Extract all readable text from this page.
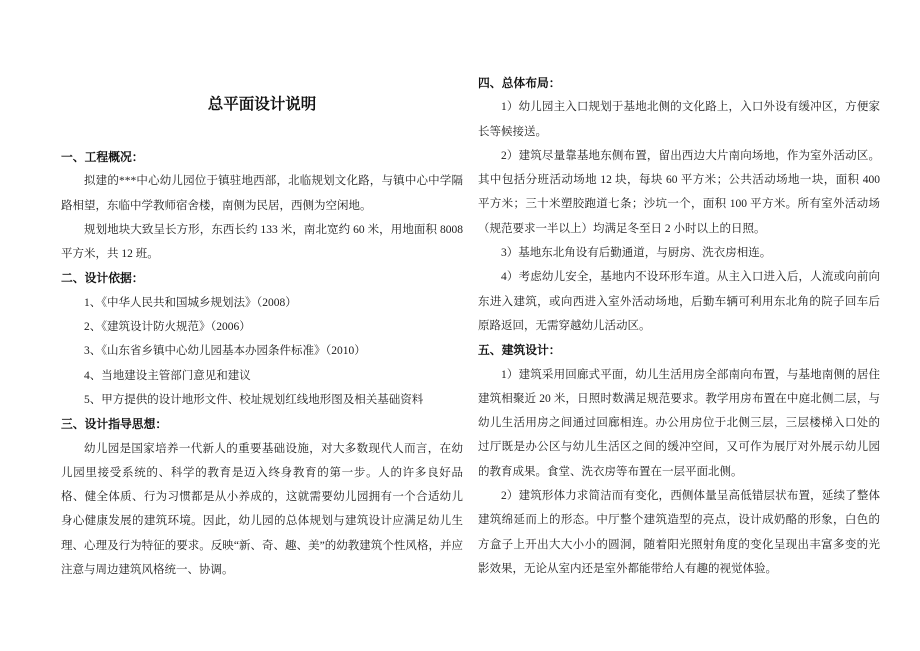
总平面设计说明
一、工程概况：

拟建的***中心幼儿园位于镇驻地西部，北临规划文化路，与镇中心中学隔路相望，东临中学教师宿舍楼，南侧为民居，西侧为空闲地。

规划地块大致呈长方形，东西长约 133 米，南北宽约 60 米，用地面积 8008 平方米，共 12 班。

二、设计依据：

1、《中华人民共和国城乡规划法》（2008）

2、《建筑设计防火规范》（2006）

3、《山东省乡镇中心幼儿园基本办园条件标准》（2010）

4、当地建设主管部门意见和建议

5、甲方提供的设计地形文件、校址规划红线地形图及相关基础资料

三、设计指导思想：

幼儿园是国家培养一代新人的重要基础设施，对大多数现代人而言，在幼儿园里接受系统的、科学的教育是迈入终身教育的第一步。人的许多良好品格、健全体质、行为习惯都是从小养成的，这就需要幼儿园拥有一个合适幼儿身心健康发展的建筑环境。因此，幼儿园的总体规划与建筑设计应满足幼儿生理、心理及行为特征的要求。反映“新、奇、趣、美”的幼教建筑个性风格，并应注意与周边建筑风格统一、协调。

四、总体布局：

1）幼儿园主入口规划于基地北侧的文化路上，入口外设有缓冲区，方便家长等候接送。

2）建筑尽量靠基地东侧布置，留出西边大片南向场地，作为室外活动区。其中包括分班活动场地 12 块，每块 60 平方米；公共活动场地一块，面积 400 平方米；三十米塑胶跑道七条；沙坑一个，面积 100 平方米。所有室外活动场（规范要求一半以上）均满足冬至日 2 小时以上的日照。

3）基地东北角设有后勤通道，与厨房、洗衣房相连。

4）考虑幼儿安全，基地内不设环形车道。从主入口进入后，人流或向前向东进入建筑，或向西进入室外活动场地，后勤车辆可利用东北角的院子回车后原路返回，无需穿越幼儿活动区。

五、建筑设计：

1）建筑采用回廊式平面，幼儿生活用房全部南向布置，与基地南侧的居住建筑相聚近 20 米，日照时数满足规范要求。教学用房布置在中庭北侧二层，与幼儿生活用房之间通过回廊相连。办公用房位于北侧三层，三层楼梯入口处的过厅既是办公区与幼儿生活区之间的缓冲空间，又可作为展厅对外展示幼儿园的教育成果。食堂、洗衣房等布置在一层平面北侧。

2）建筑形体力求简洁而有变化，西侧体量呈高低错层状布置，延续了整体建筑绵延而上的形态。中厅整个建筑造型的亮点，设计成奶酪的形象，白色的方盒子上开出大大小小的圆洞，随着阳光照射角度的变化呈现出丰富多变的光影效果，无论从室内还是室外都能带给人有趣的视觉体验。
